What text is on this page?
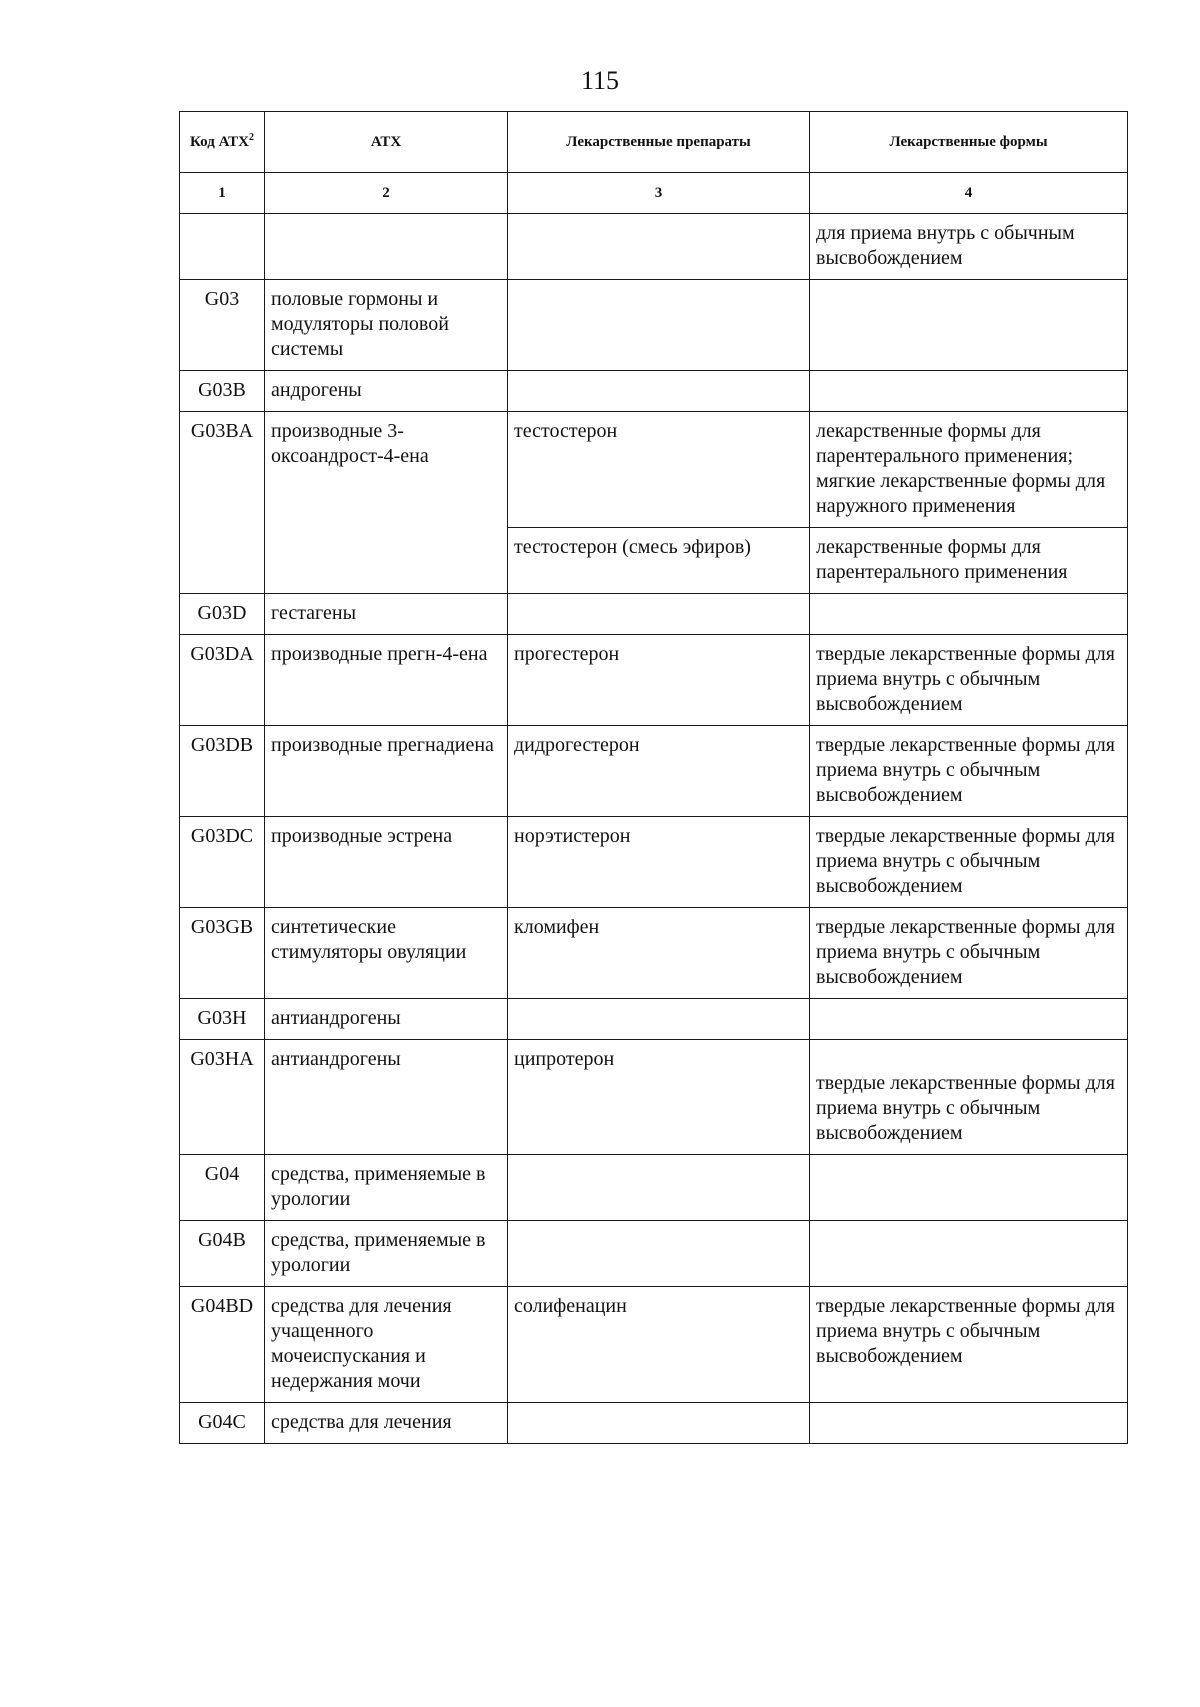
115
Код АТХ$^2$	АТХ	Лекарственные препараты	Лекарственные формы
1	2	3	4
			для приема внутрь с обычным высвобождением
G03	половые гормоны и модуляторы половой системы		
G03B	андрогены		
G03BA	производные 3-оксоандрост-4-ена	тестостерон	лекарственные формы для парентерального применения; мягкие лекарственные формы для наружного применения
		тестостерон (смесь эфиров)	лекарственные формы для парентерального применения
G03D	гестагены		
G03DA	производные прегн-4-ена	прогестерон	твердые лекарственные формы для приема внутрь с обычным высвобождением
G03DB	производные прегнадиена	дидрогестерон	твердые лекарственные формы для приема внутрь с обычным высвобождением
G03DC	производные эстрена	норэтистерон	твердые лекарственные формы для приема внутрь с обычным высвобождением
G03GB	синтетические стимуляторы овуляции	кломифен	твердые лекарственные формы для приема внутрь с обычным высвобождением
G03H	антиандрогены		
G03HA	антиандрогены	ципротерон	твердые лекарственные формы для приема внутрь с обычным высвобождением
G04	средства, применяемые в урологии		
G04B	средства, применяемые в урологии		
G04BD	средства для лечения учащенного мочеиспускания и недержания мочи	солифенацин	твердые лекарственные формы для приема внутрь с обычным высвобождением
G04C	средства для лечения		
